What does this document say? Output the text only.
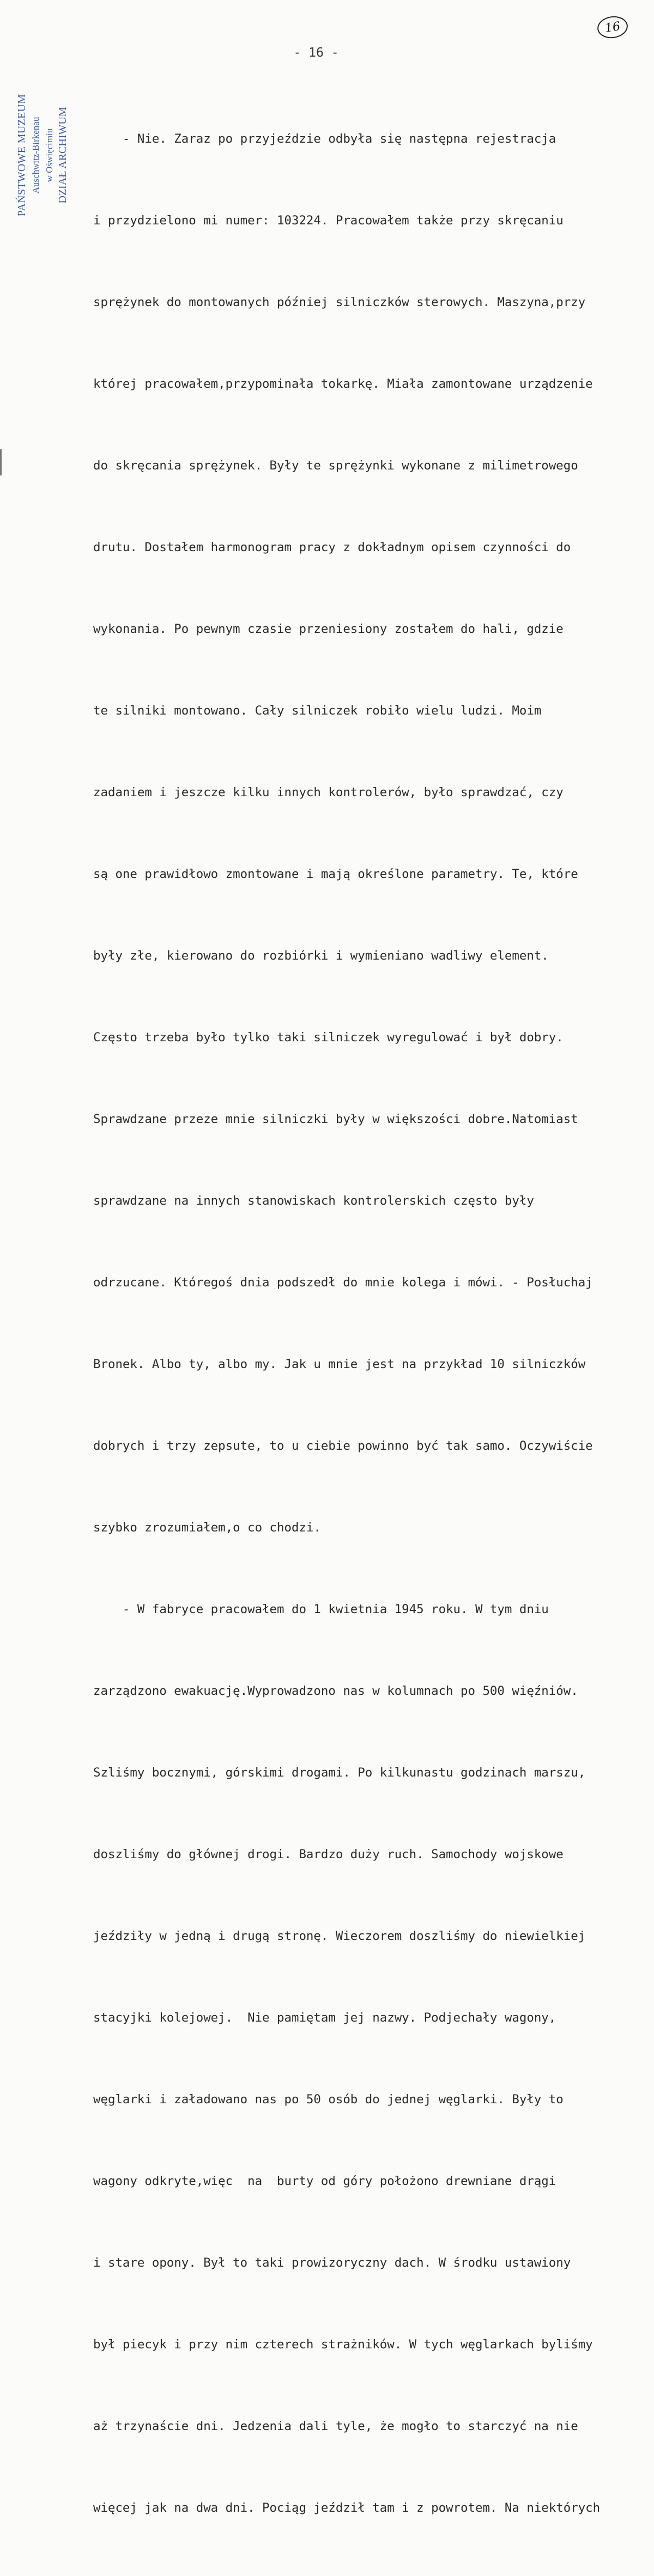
16
- 16 -
PAŃSTWOWE MUZEUM Auschwitz-Birkenau w Oświęcimiu DZIAŁ ARCHIWUM

- Nie. Zaraz po przyjeździe odbyła się następna rejestracja

i przydzielono mi numer: 103224. Pracowałem także przy skręcaniu

sprężynek do montowanych później silniczków sterowych. Maszyna,przy

której pracowałem,przypominała tokarkę. Miała zamontowane urządzenie

do skręcania sprężynek. Były te sprężynki wykonane z milimetrowego

drutu. Dostałem harmonogram pracy z dokładnym opisem czynności do

wykonania. Po pewnym czasie przeniesiony zostałem do hali, gdzie

te silniki montowano. Cały silniczek robiło wielu ludzi. Moim

zadaniem i jeszcze kilku innych kontrolerów, było sprawdzać, czy

są one prawidłowo zmontowane i mają określone parametry. Te, które

były złe, kierowano do rozbiórki i wymieniano wadliwy element.

Często trzeba było tylko taki silniczek wyregulować i był dobry.

Sprawdzane przeze mnie silniczki były w większości dobre.Natomiast

sprawdzane na innych stanowiskach kontrolerskich często były

odrzucane. Któregoś dnia podszedł do mnie kolega i mówi. - Posłuchaj

Bronek. Albo ty, albo my. Jak u mnie jest na przykład 10 silniczków

dobrych i trzy zepsute, to u ciebie powinno być tak samo. Oczywiście

szybko zrozumiałem,o co chodzi.

- W fabryce pracowałem do 1 kwietnia 1945 roku. W tym dniu

zarządzono ewakuację.Wyprowadzono nas w kolumnach po 500 więźniów.

Szliśmy bocznymi, górskimi drogami. Po kilkunastu godzinach marszu,

doszliśmy do głównej drogi. Bardzo duży ruch. Samochody wojskowe

jeździły w jedną i drugą stronę. Wieczorem doszliśmy do niewielkiej

stacyjki kolejowej.  Nie pamiętam jej nazwy. Podjechały wagony,

węglarki i załadowano nas po 50 osób do jednej węglarki. Były to

wagony odkryte,więc  na  burty od góry położono drewniane drągi

i stare opony. Był to taki prowizoryczny dach. W środku ustawiony

był piecyk i przy nim czterech strażników. W tych węglarkach byliśmy

aż trzynaście dni. Jedzenia dali tyle, że mogło to starczyć na nie

więcej jak na dwa dni. Pociąg jeździł tam i z powrotem. Na niektórych
